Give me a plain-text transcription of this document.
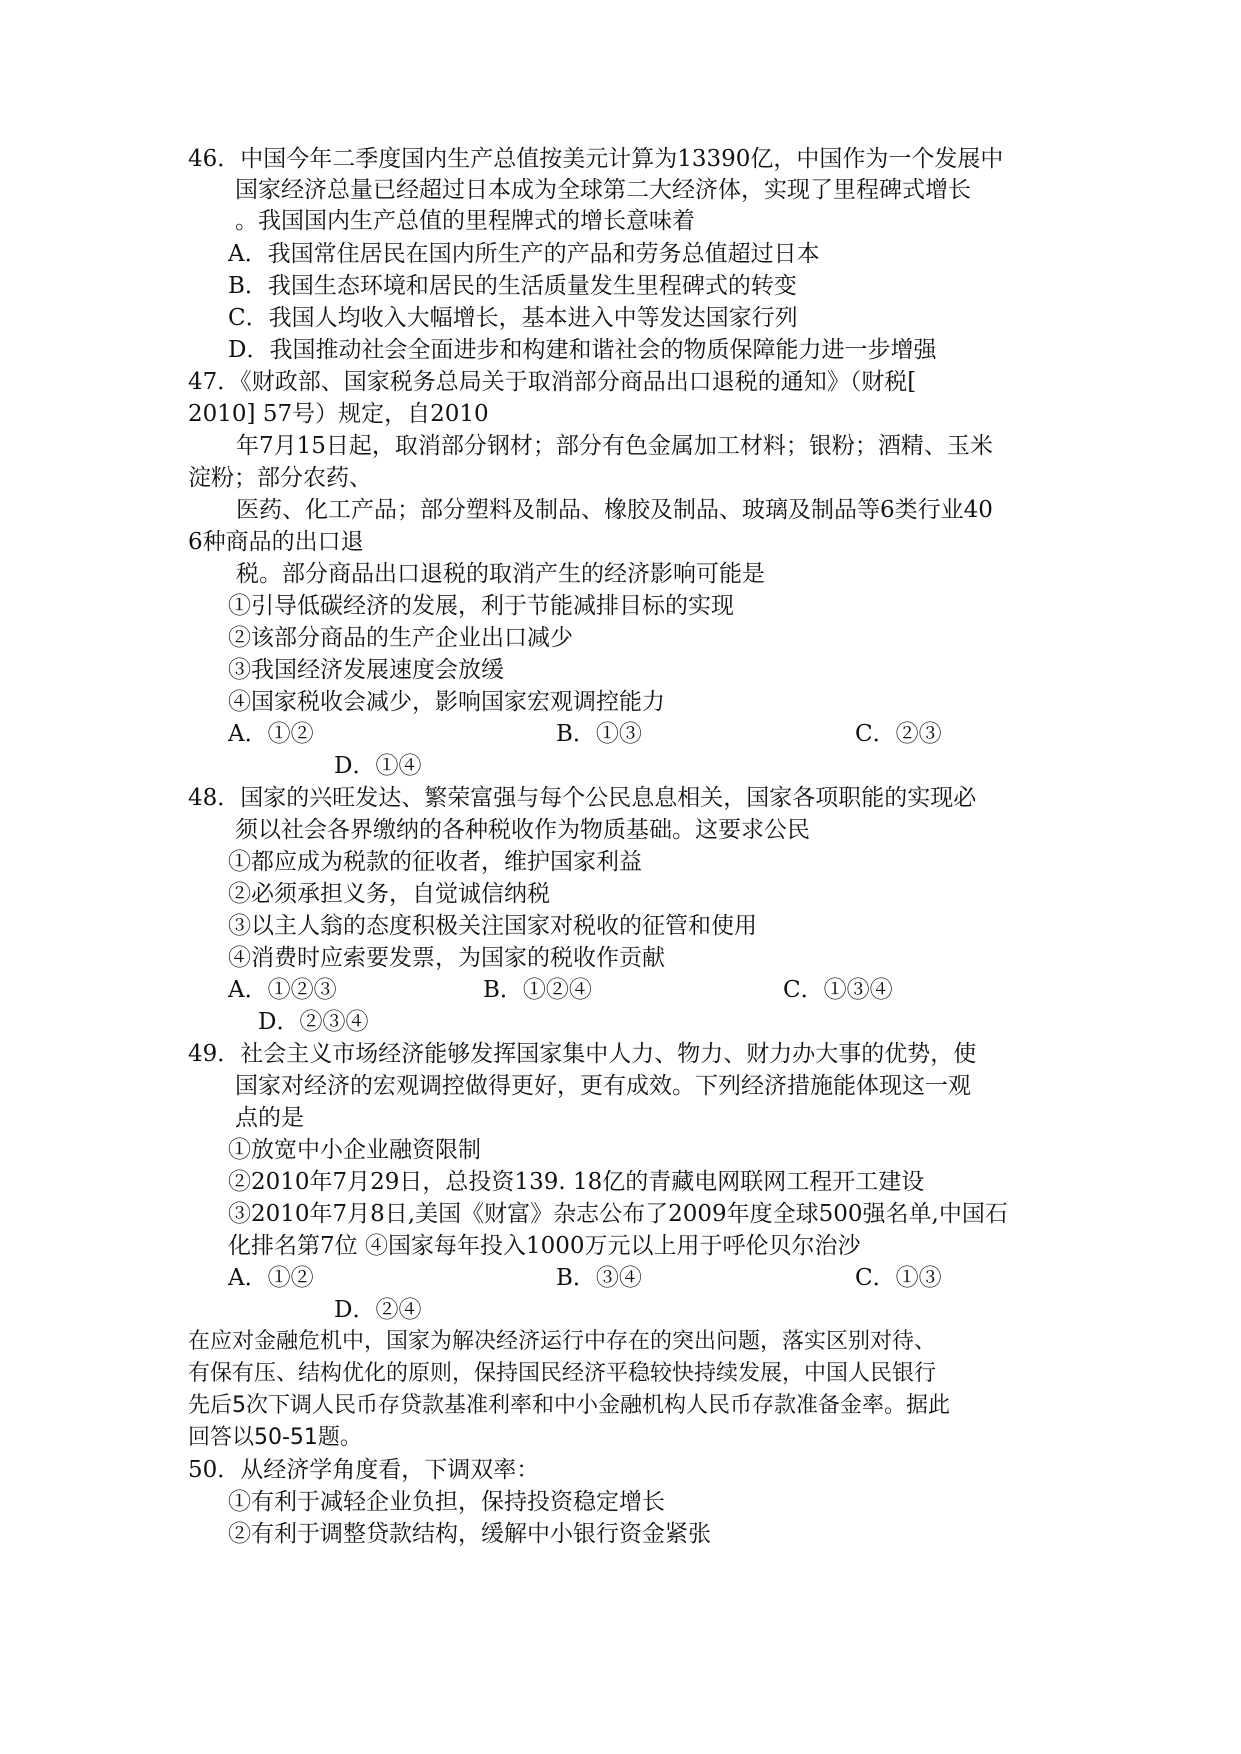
46．中国今年二季度国内生产总值按美元计算为13390亿，中国作为一个发展中
国家经济总量已经超过日本成为全球第二大经济体，实现了里程碑式增长
。我国国内生产总值的里程牌式的增长意味着
A．我国常住居民在国内所生产的产品和劳务总值超过日本
B．我国生态环境和居民的生活质量发生里程碑式的转变
C．我国人均收入大幅增长，基本进入中等发达国家行列
D．我国推动社会全面进步和构建和谐社会的物质保障能力进一步增强
47．《财政部、国家税务总局关于取消部分商品出口退税的通知》（财税[
2010] 57号）规定，自2010
年7月15日起，取消部分钢材；部分有色金属加工材料；银粉；酒精、玉米
淀粉；部分农药、
医药、化工产品；部分塑料及制品、橡胶及制品、玻璃及制品等6类行业40
6种商品的出口退
税。部分商品出口退税的取消产生的经济影响可能是
①引导低碳经济的发展，利于节能减排目标的实现
②该部分商品的生产企业出口减少
③我国经济发展速度会放缓
④国家税收会减少，影响国家宏观调控能力
A．①②	B．①③	C．②③
D．①④
48．国家的兴旺发达、繁荣富强与每个公民息息相关，国家各项职能的实现必
须以社会各界缴纳的各种税收作为物质基础。这要求公民
①都应成为税款的征收者，维护国家利益
②必须承担义务，自觉诚信纳税
③以主人翁的态度积极关注国家对税收的征管和使用
④消费时应索要发票，为国家的税收作贡献
A．①②③	B．①②④	C．①③④
D．②③④
49．社会主义市场经济能够发挥国家集中人力、物力、财力办大事的优势，使
国家对经济的宏观调控做得更好，更有成效。下列经济措施能体现这一观
点的是
①放宽中小企业融资限制
②2010年7月29日，总投资139. 18亿的青藏电网联网工程开工建设
③2010年7月8日,美国《财富》杂志公布了2009年度全球500强名单,中国石
化排名第7位 ④国家每年投入1000万元以上用于呼伦贝尔治沙
A．①②	B．③④	C．①③
D．②④
在应对金融危机中，国家为解决经济运行中存在的突出问题，落实区别对待、
有保有压、结构优化的原则，保持国民经济平稳较快持续发展，中国人民银行
先后5次下调人民币存贷款基准利率和中小金融机构人民币存款准备金率。据此
回答以50-51题。
50．从经济学角度看，下调双率：
①有利于减轻企业负担，保持投资稳定增长
②有利于调整贷款结构，缓解中小银行资金紧张
